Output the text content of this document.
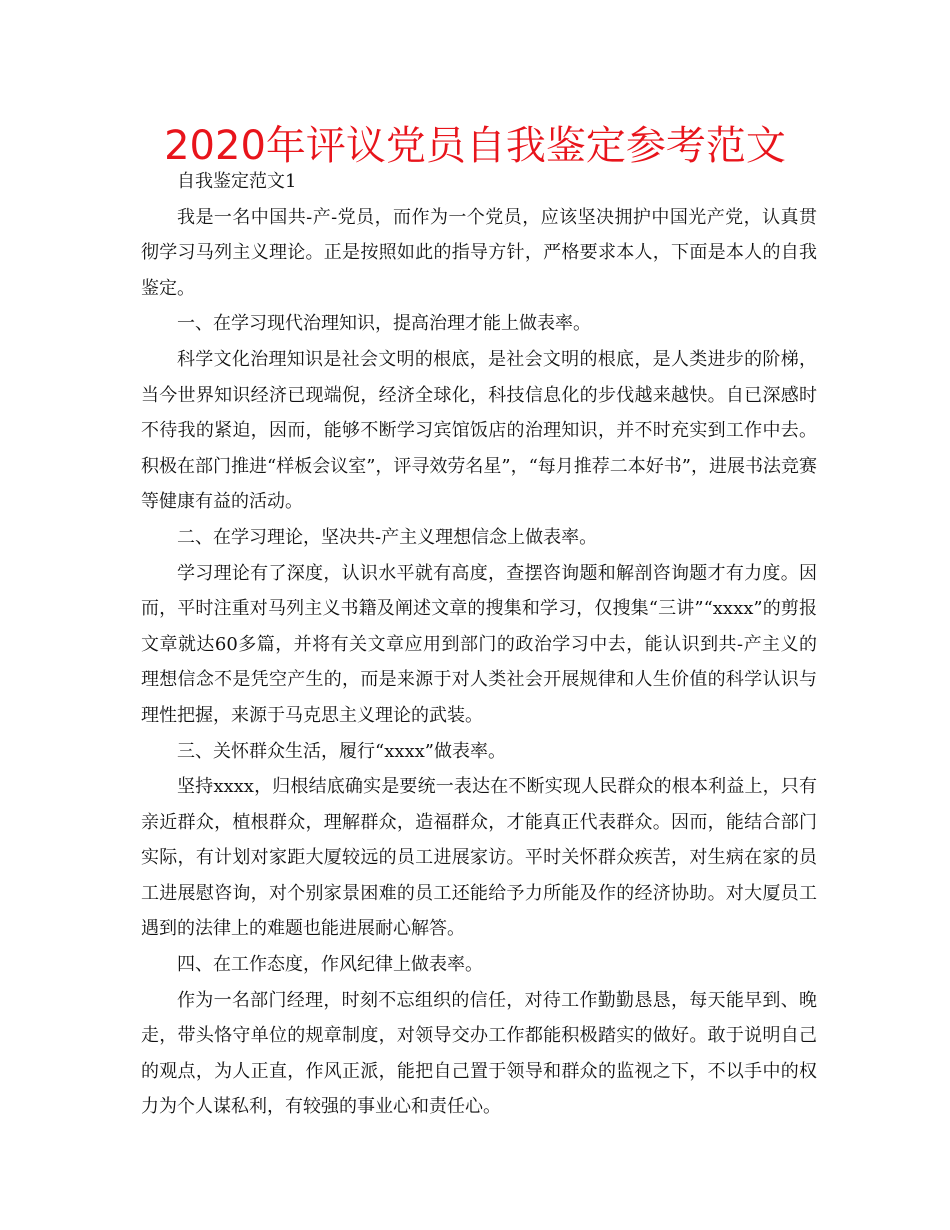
2020年评议党员自我鉴定参考范文

自我鉴定范文1

我是一名中国共-产-党员，而作为一个党员，应该坚决拥护中国光产党，认真贯彻学习马列主义理论。正是按照如此的指导方针，严格要求本人，下面是本人的自我鉴定。

一、在学习现代治理知识，提高治理才能上做表率。

科学文化治理知识是社会文明的根底，是社会文明的根底，是人类进步的阶梯，当今世界知识经济已现端倪，经济全球化，科技信息化的步伐越来越快。自已深感时不待我的紧迫，因而，能够不断学习宾馆饭店的治理知识，并不时充实到工作中去。积极在部门推进“样板会议室”，评寻效劳名星”，“每月推荐二本好书”，进展书法竞赛等健康有益的活动。

二、在学习理论，坚决共-产主义理想信念上做表率。

学习理论有了深度，认识水平就有高度，查摆咨询题和解剖咨询题才有力度。因而，平时注重对马列主义书籍及阐述文章的搜集和学习，仅搜集“三讲”“xxxx”的剪报文章就达60多篇，并将有关文章应用到部门的政治学习中去，能认识到共-产主义的理想信念不是凭空产生的，而是来源于对人类社会开展规律和人生价值的科学认识与理性把握，来源于马克思主义理论的武装。

三、关怀群众生活，履行“xxxx”做表率。

坚持xxxx，归根结底确实是要统一表达在不断实现人民群众的根本利益上，只有亲近群众，植根群众，理解群众，造福群众，才能真正代表群众。因而，能结合部门实际，有计划对家距大厦较远的员工进展家访。平时关怀群众疾苦，对生病在家的员工进展慰咨询，对个别家景困难的员工还能给予力所能及作的经济协助。对大厦员工遇到的法律上的难题也能进展耐心解答。

四、在工作态度，作风纪律上做表率。

作为一名部门经理，时刻不忘组织的信任，对待工作勤勤恳恳，每天能早到、晚走，带头恪守单位的规章制度，对领导交办工作都能积极踏实的做好。敢于说明自己的观点，为人正直，作风正派，能把自己置于领导和群众的监视之下，不以手中的权力为个人谋私利，有较强的事业心和责任心。
